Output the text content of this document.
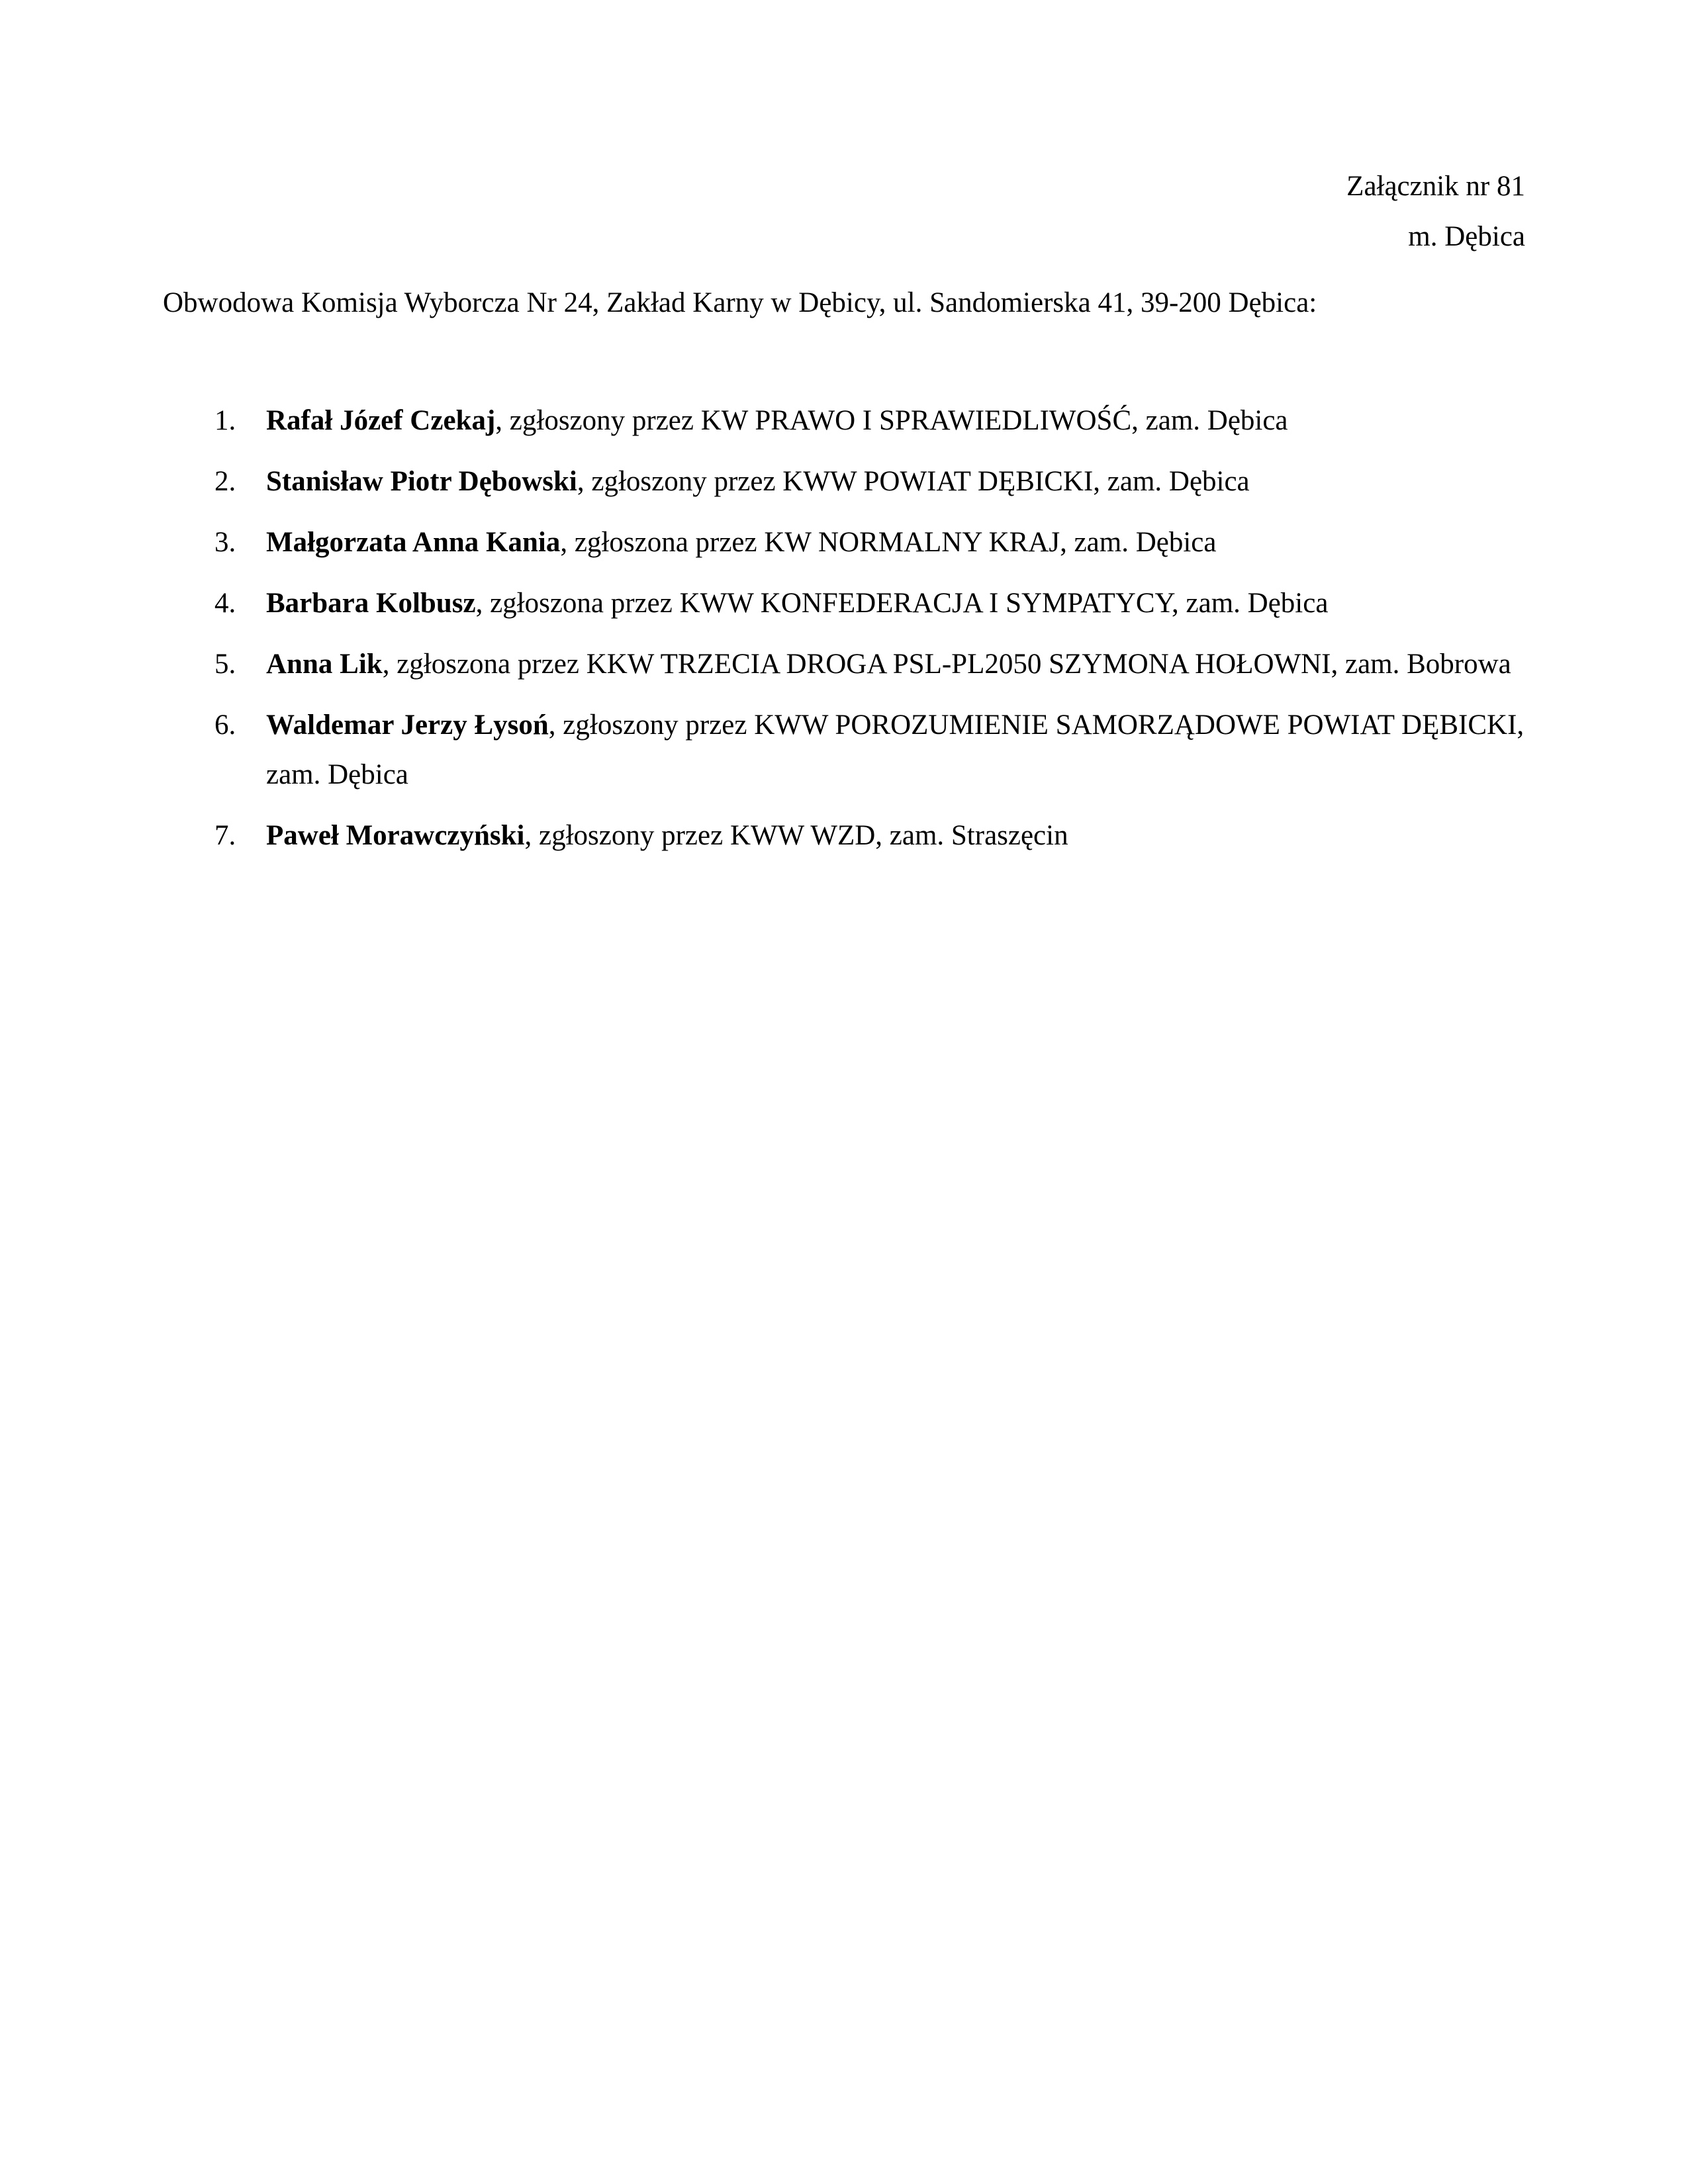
Załącznik nr 81
m. Dębica
Obwodowa Komisja Wyborcza Nr 24, Zakład Karny w Dębicy, ul. Sandomierska 41, 39-200 Dębica:
1. Rafał Józef Czekaj, zgłoszony przez KW PRAWO I SPRAWIEDLIWOŚĆ, zam. Dębica
2. Stanisław Piotr Dębowski, zgłoszony przez KWW POWIAT DĘBICKI, zam. Dębica
3. Małgorzata Anna Kania, zgłoszona przez KW NORMALNY KRAJ, zam. Dębica
4. Barbara Kolbusz, zgłoszona przez KWW KONFEDERACJA I SYMPATYCY, zam. Dębica
5. Anna Lik, zgłoszona przez KKW TRZECIA DROGA PSL-PL2050 SZYMONA HOŁOWNI, zam. Bobrowa
6. Waldemar Jerzy Łysoń, zgłoszony przez KWW POROZUMIENIE SAMORZĄDOWE POWIAT DĘBICKI, zam. Dębica
7. Paweł Morawczyński, zgłoszony przez KWW WZD, zam. Straszęcin
